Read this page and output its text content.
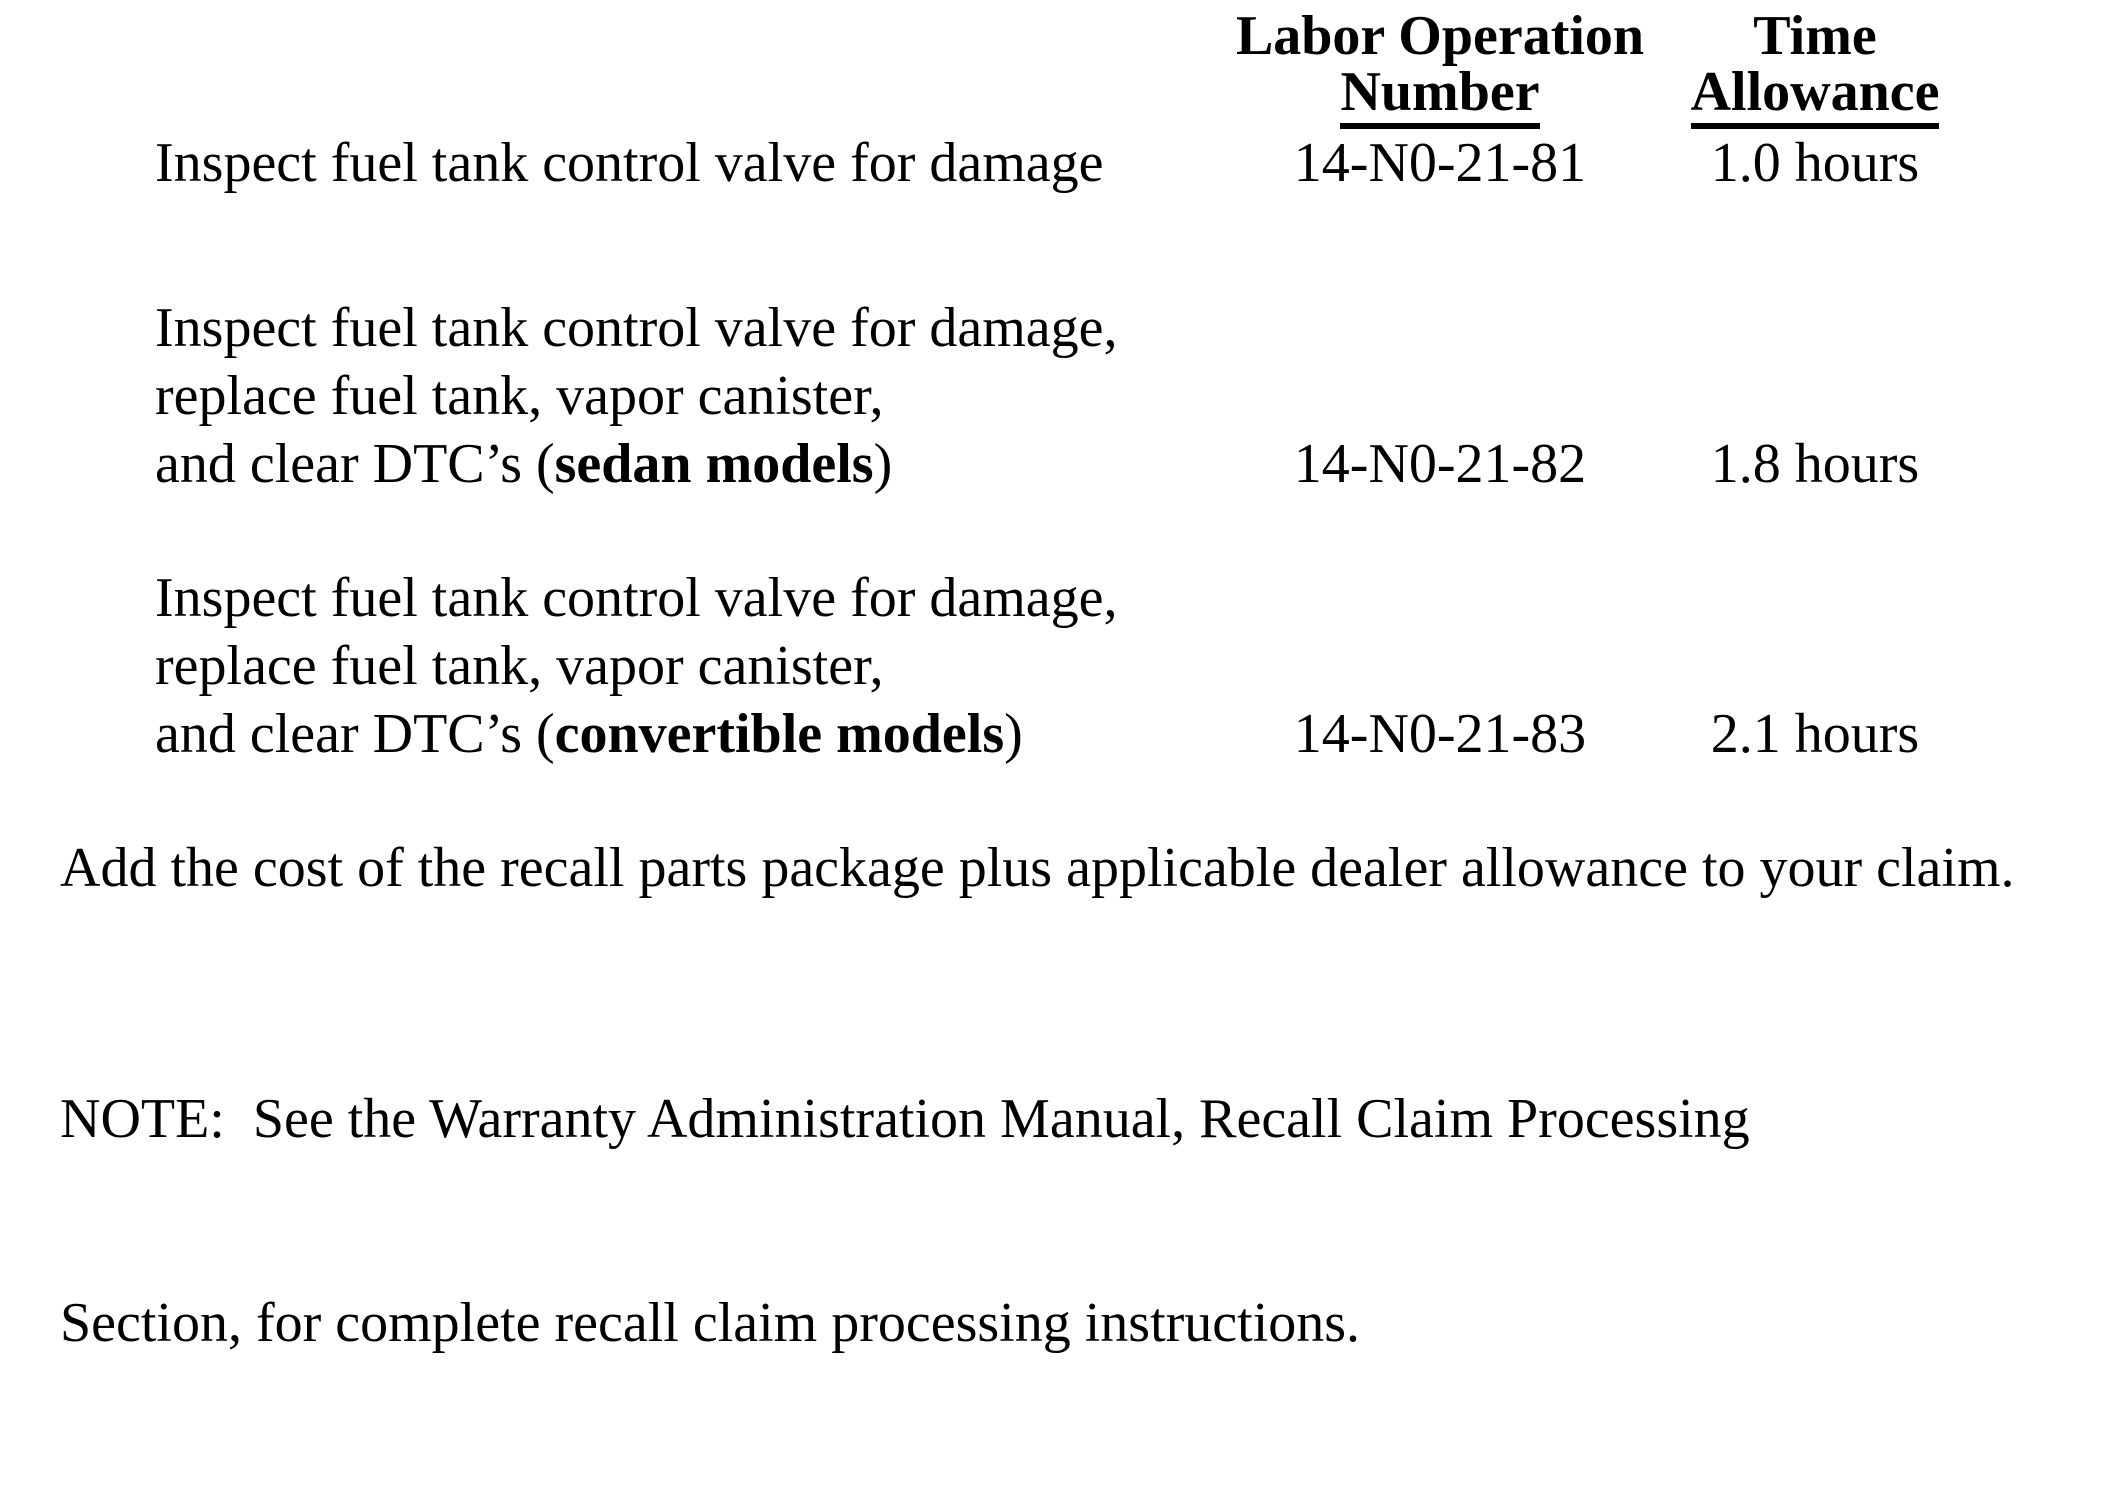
Labor Operation
Number
Time
Allowance
Inspect fuel tank control valve for damage	14-N0-21-81	1.0 hours
Inspect fuel tank control valve for damage,
replace fuel tank, vapor canister,
and clear DTC’s (sedan models)	14-N0-21-82	1.8 hours
Inspect fuel tank control valve for damage,
replace fuel tank, vapor canister,
and clear DTC’s (convertible models)	14-N0-21-83	2.1 hours
Add the cost of the recall parts package plus applicable dealer allowance to your claim.

NOTE:  See the Warranty Administration Manual, Recall Claim Processing

Section, for complete recall claim processing instructions.
